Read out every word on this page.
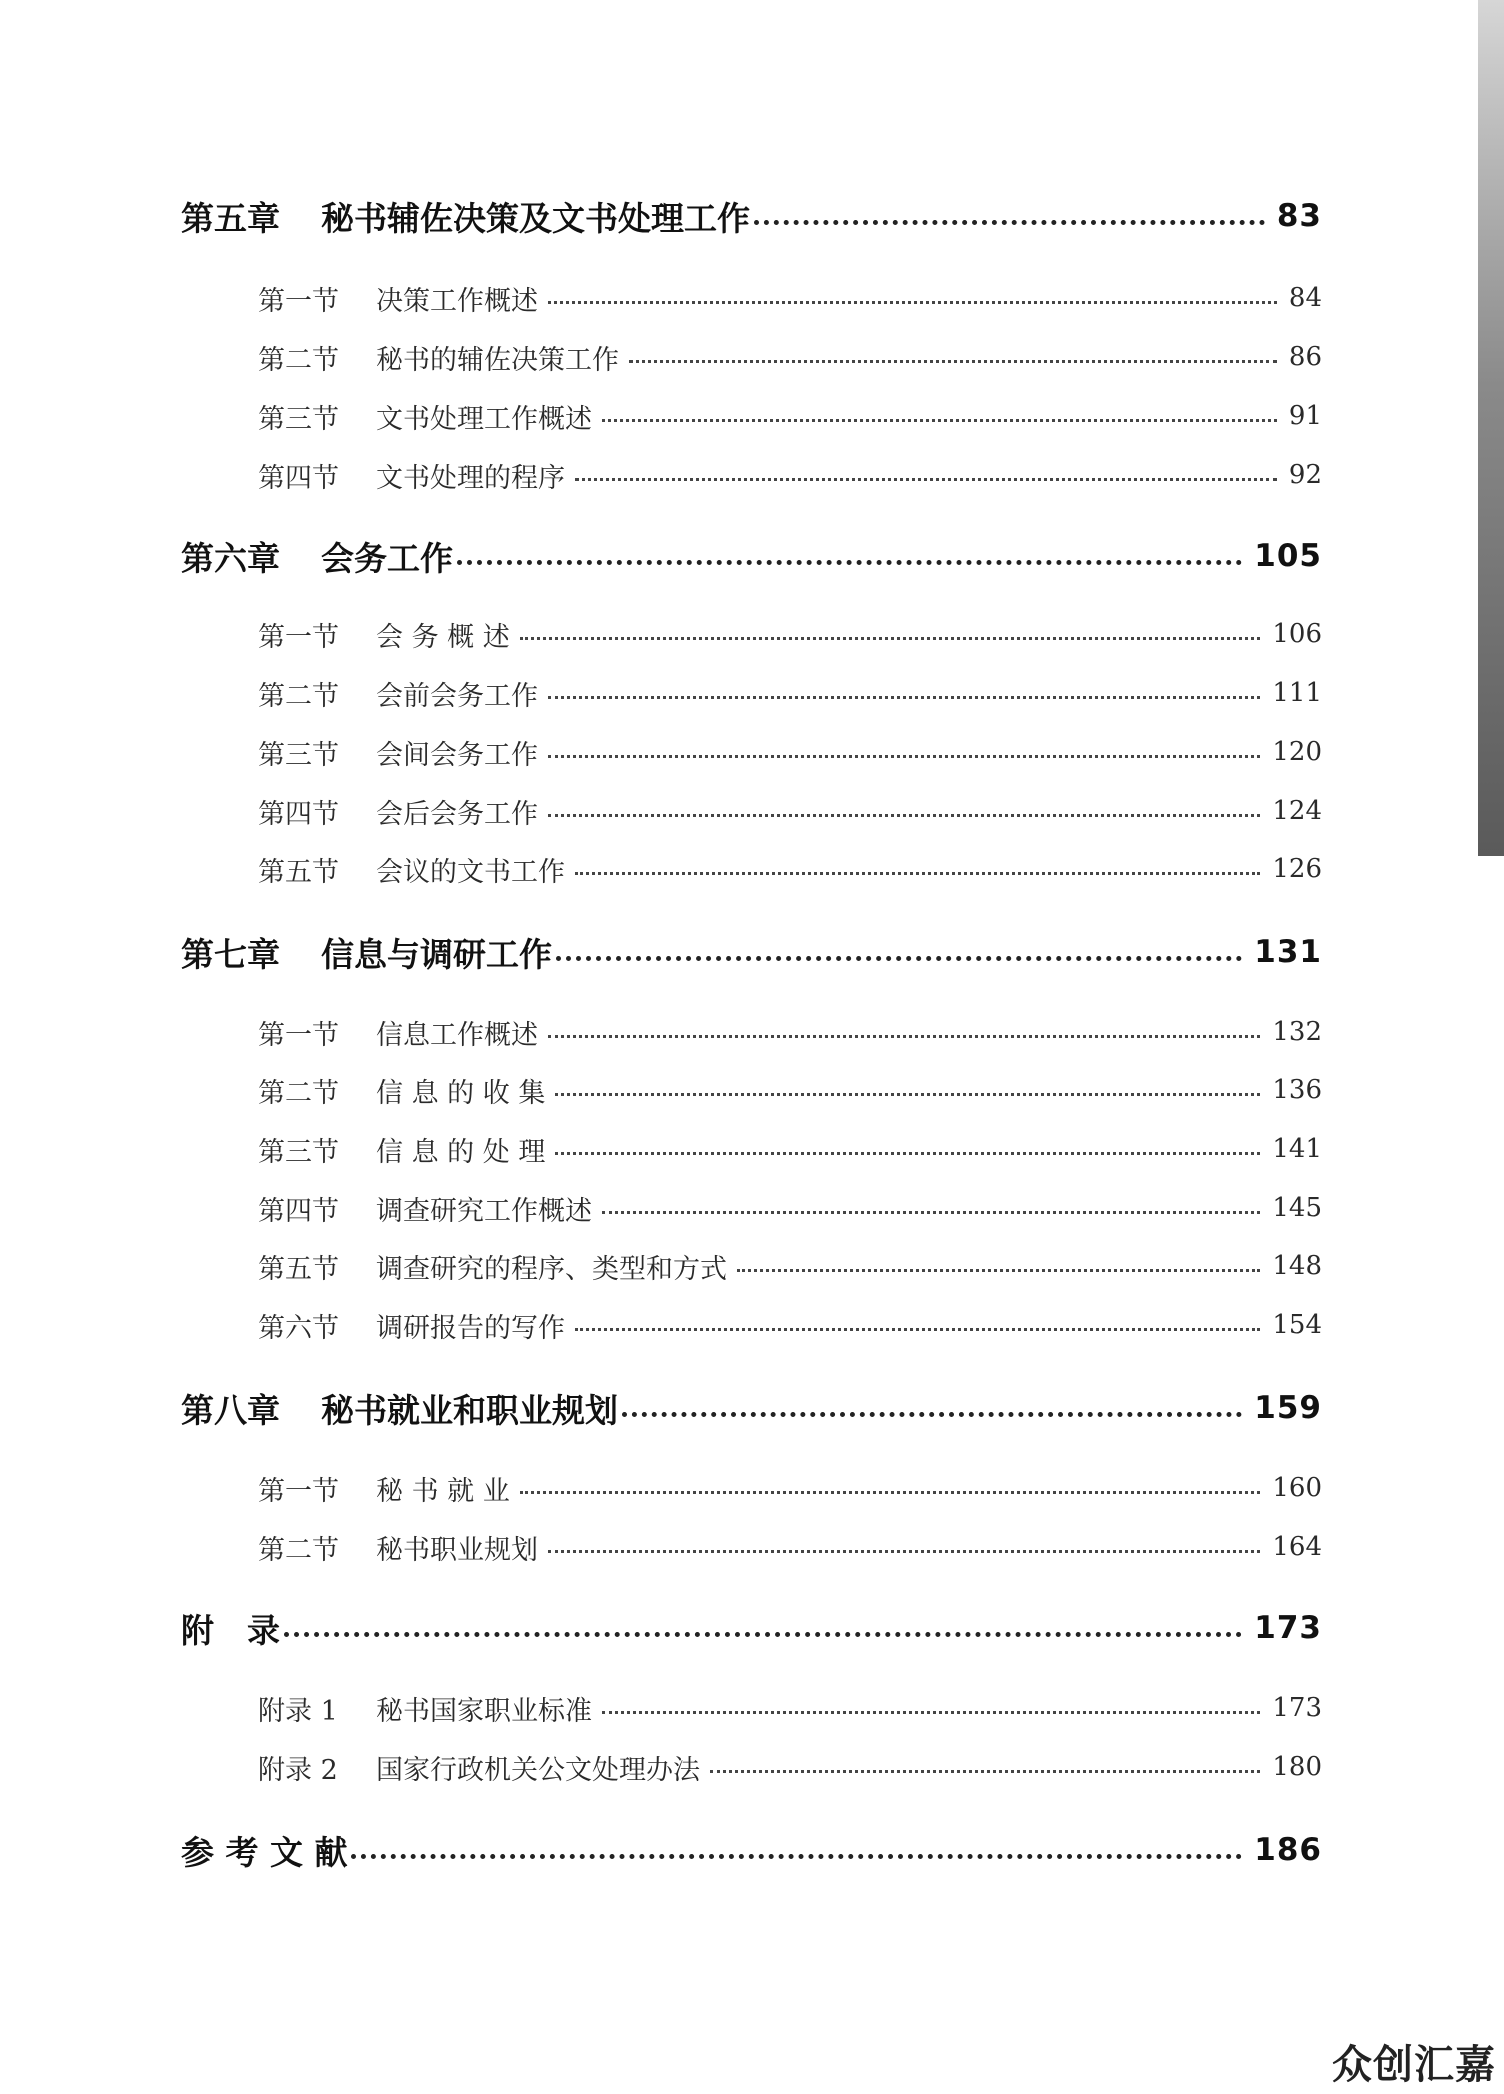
第五章	秘书辅佐决策及文书处理工作	83
第一节	决策工作概述	84
第二节	秘书的辅佐决策工作	86
第三节	文书处理工作概述	91
第四节	文书处理的程序	92
第六章	会务工作	105
第一节	会 务 概 述	106
第二节	会前会务工作	111
第三节	会间会务工作	120
第四节	会后会务工作	124
第五节	会议的文书工作	126
第七章	信息与调研工作	131
第一节	信息工作概述	132
第二节	信 息 的 收 集	136
第三节	信 息 的 处 理	141
第四节	调查研究工作概述	145
第五节	调查研究的程序、类型和方式	148
第六节	调研报告的写作	154
第八章	秘书就业和职业规划	159
第一节	秘 书 就 业	160
第二节	秘书职业规划	164
附　录	173
附录 1	秘书国家职业标准	173
附录 2	国家行政机关公文处理办法	180
参 考 文 献	186
众创汇嘉
